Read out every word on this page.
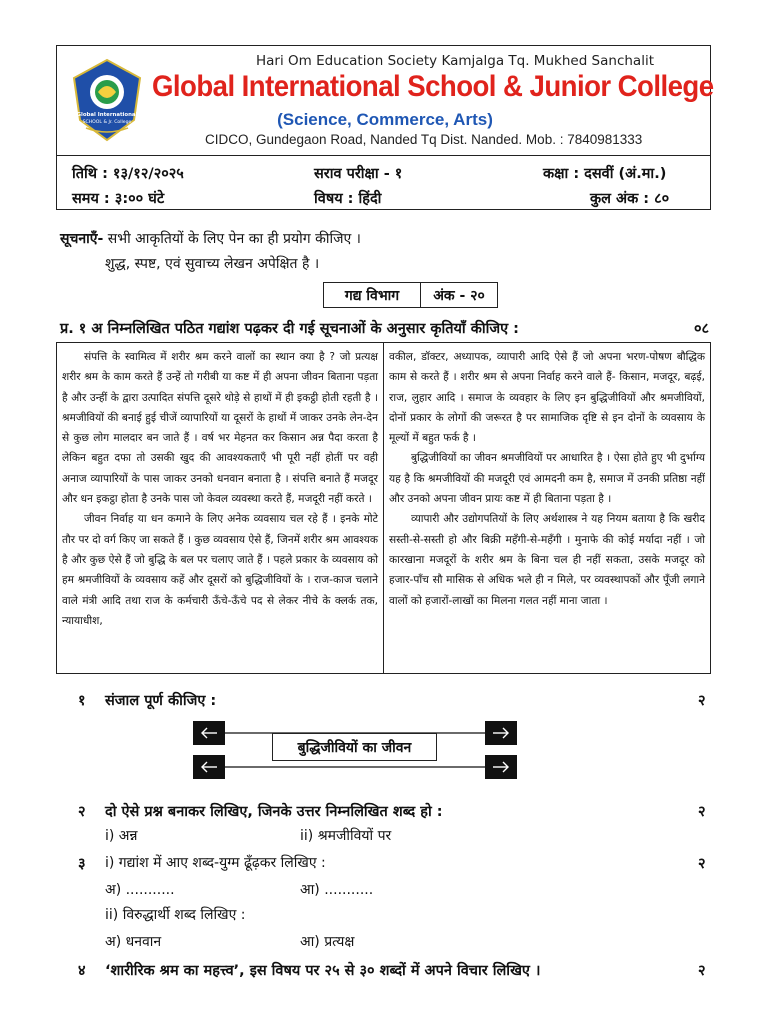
Global International
SCHOOL & Jr. College
Hari Om Education Society Kamjalga Tq. Mukhed Sanchalit
Global International School & Junior College
(Science, Commerce, Arts)
CIDCO, Gundegaon Road, Nanded Tq Dist. Nanded. Mob. : 7840981333
तिथि : १३/१२/२०२५	सराव परीक्षा - १	कक्षा : दसवीं (अं.मा.)
समय : ३:०० घंटे	विषय : हिंदी	कुल अंक : ८०
सूचनाएँ- सभी आकृतियों के लिए पेन का ही प्रयोग कीजिए ।
शुद्ध, स्पष्ट, एवं सुवाच्य लेखन अपेक्षित है ।
गद्य विभाग	अंक - २०
प्र. १ अ निम्नलिखित पठित गद्यांश पढ़कर दी गई सूचनाओं के अनुसार कृतियाँ कीजिए :	०८

संपत्ति के स्वामित्व में शरीर श्रम करने वालों का स्थान क्या है ? जो प्रत्यक्ष शरीर श्रम के काम करते हैं उन्हें तो गरीबी या कष्ट में ही अपना जीवन बिताना पड़ता है और उन्हीं के द्वारा उत्पादित संपत्ति दूसरे थोड़े से हाथों में ही इकट्ठी होती रहती है । श्रमजीवियों की बनाई हुई चीजें व्यापारियों या दूसरों के हाथों में जाकर उनके लेन-देन से कुछ लोग मालदार बन जाते हैं । वर्ष भर मेहनत कर किसान अन्न पैदा करता है लेकिन बहुत दफा तो उसकी खुद की आवश्यकताएँ भी पूरी नहीं होतीं पर वही अनाज व्यापारियों के पास जाकर उनको धनवान बनाता है । संपत्ति बनाते हैं मजदूर और धन इकट्ठा होता है उनके पास जो केवल व्यवस्था करते हैं, मजदूरी नहीं करते ।

जीवन निर्वाह या धन कमाने के लिए अनेक व्यवसाय चल रहे हैं । इनके मोटे तौर पर दो वर्ग किए जा सकते हैं । कुछ व्यवसाय ऐसे हैं, जिनमें शरीर श्रम आवश्यक है और कुछ ऐसे हैं जो बुद्धि के बल पर चलाए जाते हैं । पहले प्रकार के व्यवसाय को हम श्रमजीवियों के व्यवसाय कहें और दूसरों को बुद्धिजीवियों के । राज-काज चलाने वाले मंत्री आदि तथा राज के कर्मचारी ऊँचे-ऊँचे पद से लेकर नीचे के क्लर्क तक, न्यायाधीश,

वकील, डॉक्टर, अध्यापक, व्यापारी आदि ऐसे हैं जो अपना भरण-पोषण बौद्धिक काम से करते हैं । शरीर श्रम से अपना निर्वाह करने वाले हैं- किसान, मजदूर, बढ़ई, राज, लुहार आदि । समाज के व्यवहार के लिए इन बुद्धिजीवियों और श्रमजीवियों, दोनों प्रकार के लोगों की जरूरत है पर सामाजिक दृष्टि से इन दोनों के व्यवसाय के मूल्यों में बहुत फर्क है ।

बुद्धिजीवियों का जीवन श्रमजीवियों पर आधारित है । ऐसा होते हुए भी दुर्भाग्य यह है कि श्रमजीवियों की मजदूरी एवं आमदनी कम है, समाज में उनकी प्रतिष्ठा नहीं और उनको अपना जीवन प्रायः कष्ट में ही बिताना पड़ता है ।

व्यापारी और उद्योगपतियों के लिए अर्थशास्त्र ने यह नियम बताया है कि खरीद सस्ती-से-सस्ती हो और बिक्री महँगी-से-महँगी । मुनाफे की कोई मर्यादा नहीं । जो कारखाना मजदूरों के शरीर श्रम के बिना चल ही नहीं सकता, उसके मजदूर को हजार-पाँच सौ मासिक से अधिक भले ही न मिले, पर व्यवस्थापकों और पूँजी लगाने वालों को हजारों-लाखों का मिलना गलत नहीं माना जाता ।

१ संजाल पूर्ण कीजिए :	२
बुद्धिजीवियों का जीवन
२ दो ऐसे प्रश्न बनाकर लिखिए, जिनके उत्तर निम्नलिखित शब्द हो :	२
i) अन्न	ii) श्रमजीवियों पर
३ i) गद्यांश में आए शब्द-युग्म ढूँढ़कर लिखिए :	२
अ) ...........	आ) ...........
ii) विरुद्धार्थी शब्द लिखिए :
अ) धनवान	आ) प्रत्यक्ष
४ ‘शारीरिक श्रम का महत्त्व’, इस विषय पर २५ से ३० शब्दों में अपने विचार लिखिए ।	२
